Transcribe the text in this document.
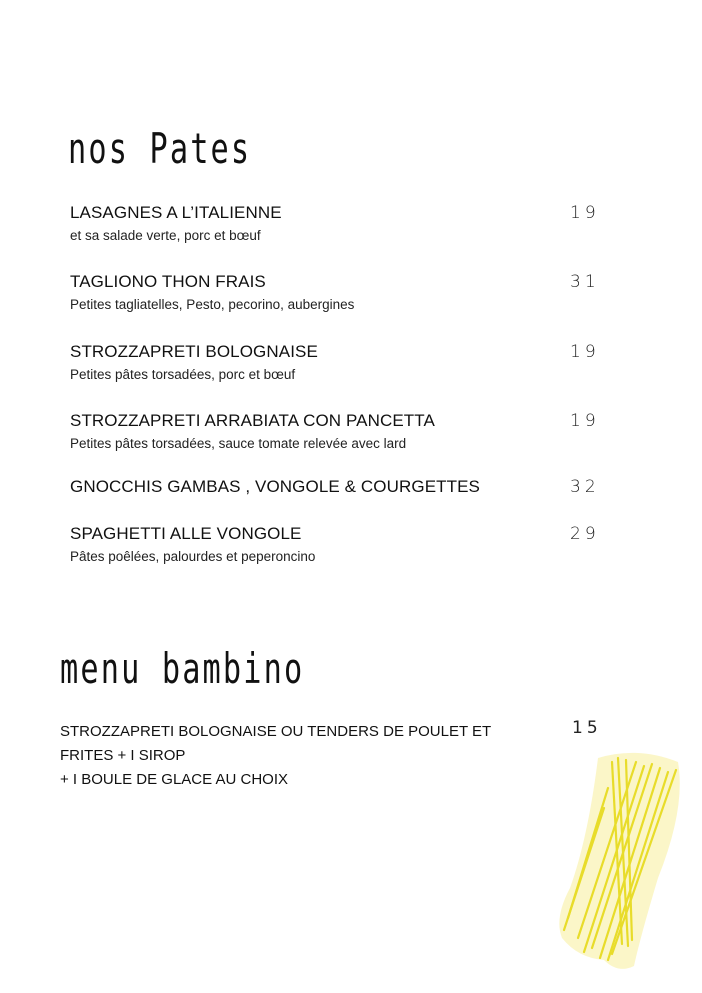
nos Pates
LASAGNES A L’ITALIENNE
et sa salade verte, porc et bœuf
19
TAGLIONO THON FRAIS
Petites tagliatelles, Pesto, pecorino, aubergines
31
STROZZAPRETI BOLOGNAISE
Petites pâtes torsadées, porc et bœuf
19
STROZZAPRETI ARRABIATA CON PANCETTA
Petites pâtes torsadées, sauce tomate relevée avec lard
19
GNOCCHIS GAMBAS , VONGOLE & COURGETTES	32
SPAGHETTI ALLE VONGOLE
Pâtes poêlées, palourdes et peperoncino
29
menu bambino
STROZZAPRETI BOLOGNAISE OU TENDERS DE POULET ET
FRITES + I SIROP
+ I BOULE DE GLACE AU CHOIX
15
